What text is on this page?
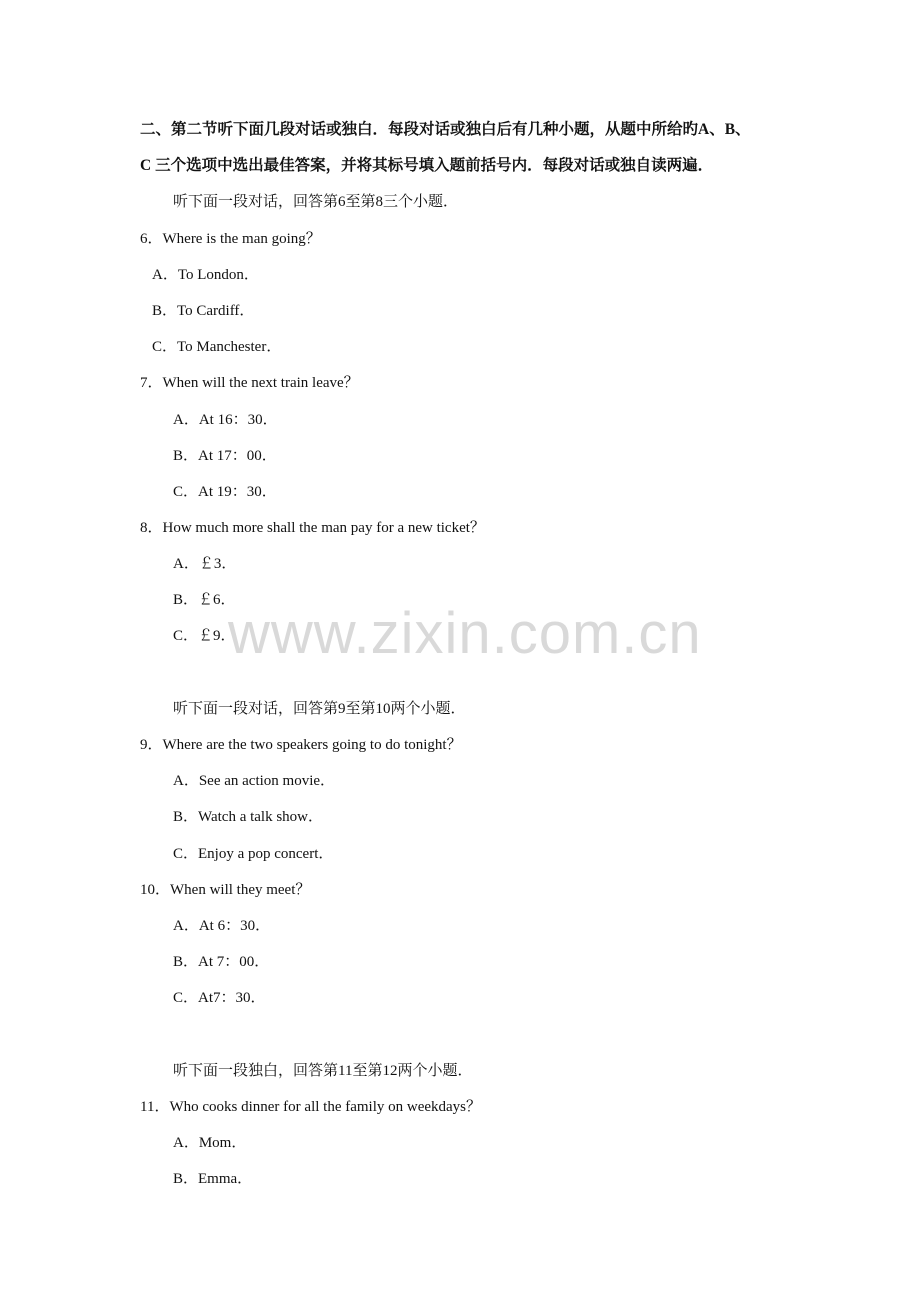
www.zixin.com.cn
二、第二节听下面几段对话或独白．每段对话或独白后有几种小题，从题中所给旳A、B、
C 三个选项中选出最佳答案，并将其标号填入题前括号内．每段对话或独自读两遍．
听下面一段对话，回答第6至第8三个小题．
6．Where is the man going？
A．To London．
B．To Cardiff．
C．To Manchester．
7．When will the next train leave？
A．At 16：30．
B．At 17：00．
C．At 19：30．
8．How much more shall the man pay for a new ticket？
A．￡3．
B．￡6．
C．￡9．
听下面一段对话，回答第9至第10两个小题．
9．Where are the two speakers going to do tonight？
A．See an action movie．
B．Watch a talk show．
C．Enjoy a pop concert．
10．When will they meet？
A．At 6：30．
B．At 7：00．
C．At7：30．
听下面一段独白，回答第11至第12两个小题．
11．Who cooks dinner for all the family on weekdays？
A．Mom．
B．Emma．
